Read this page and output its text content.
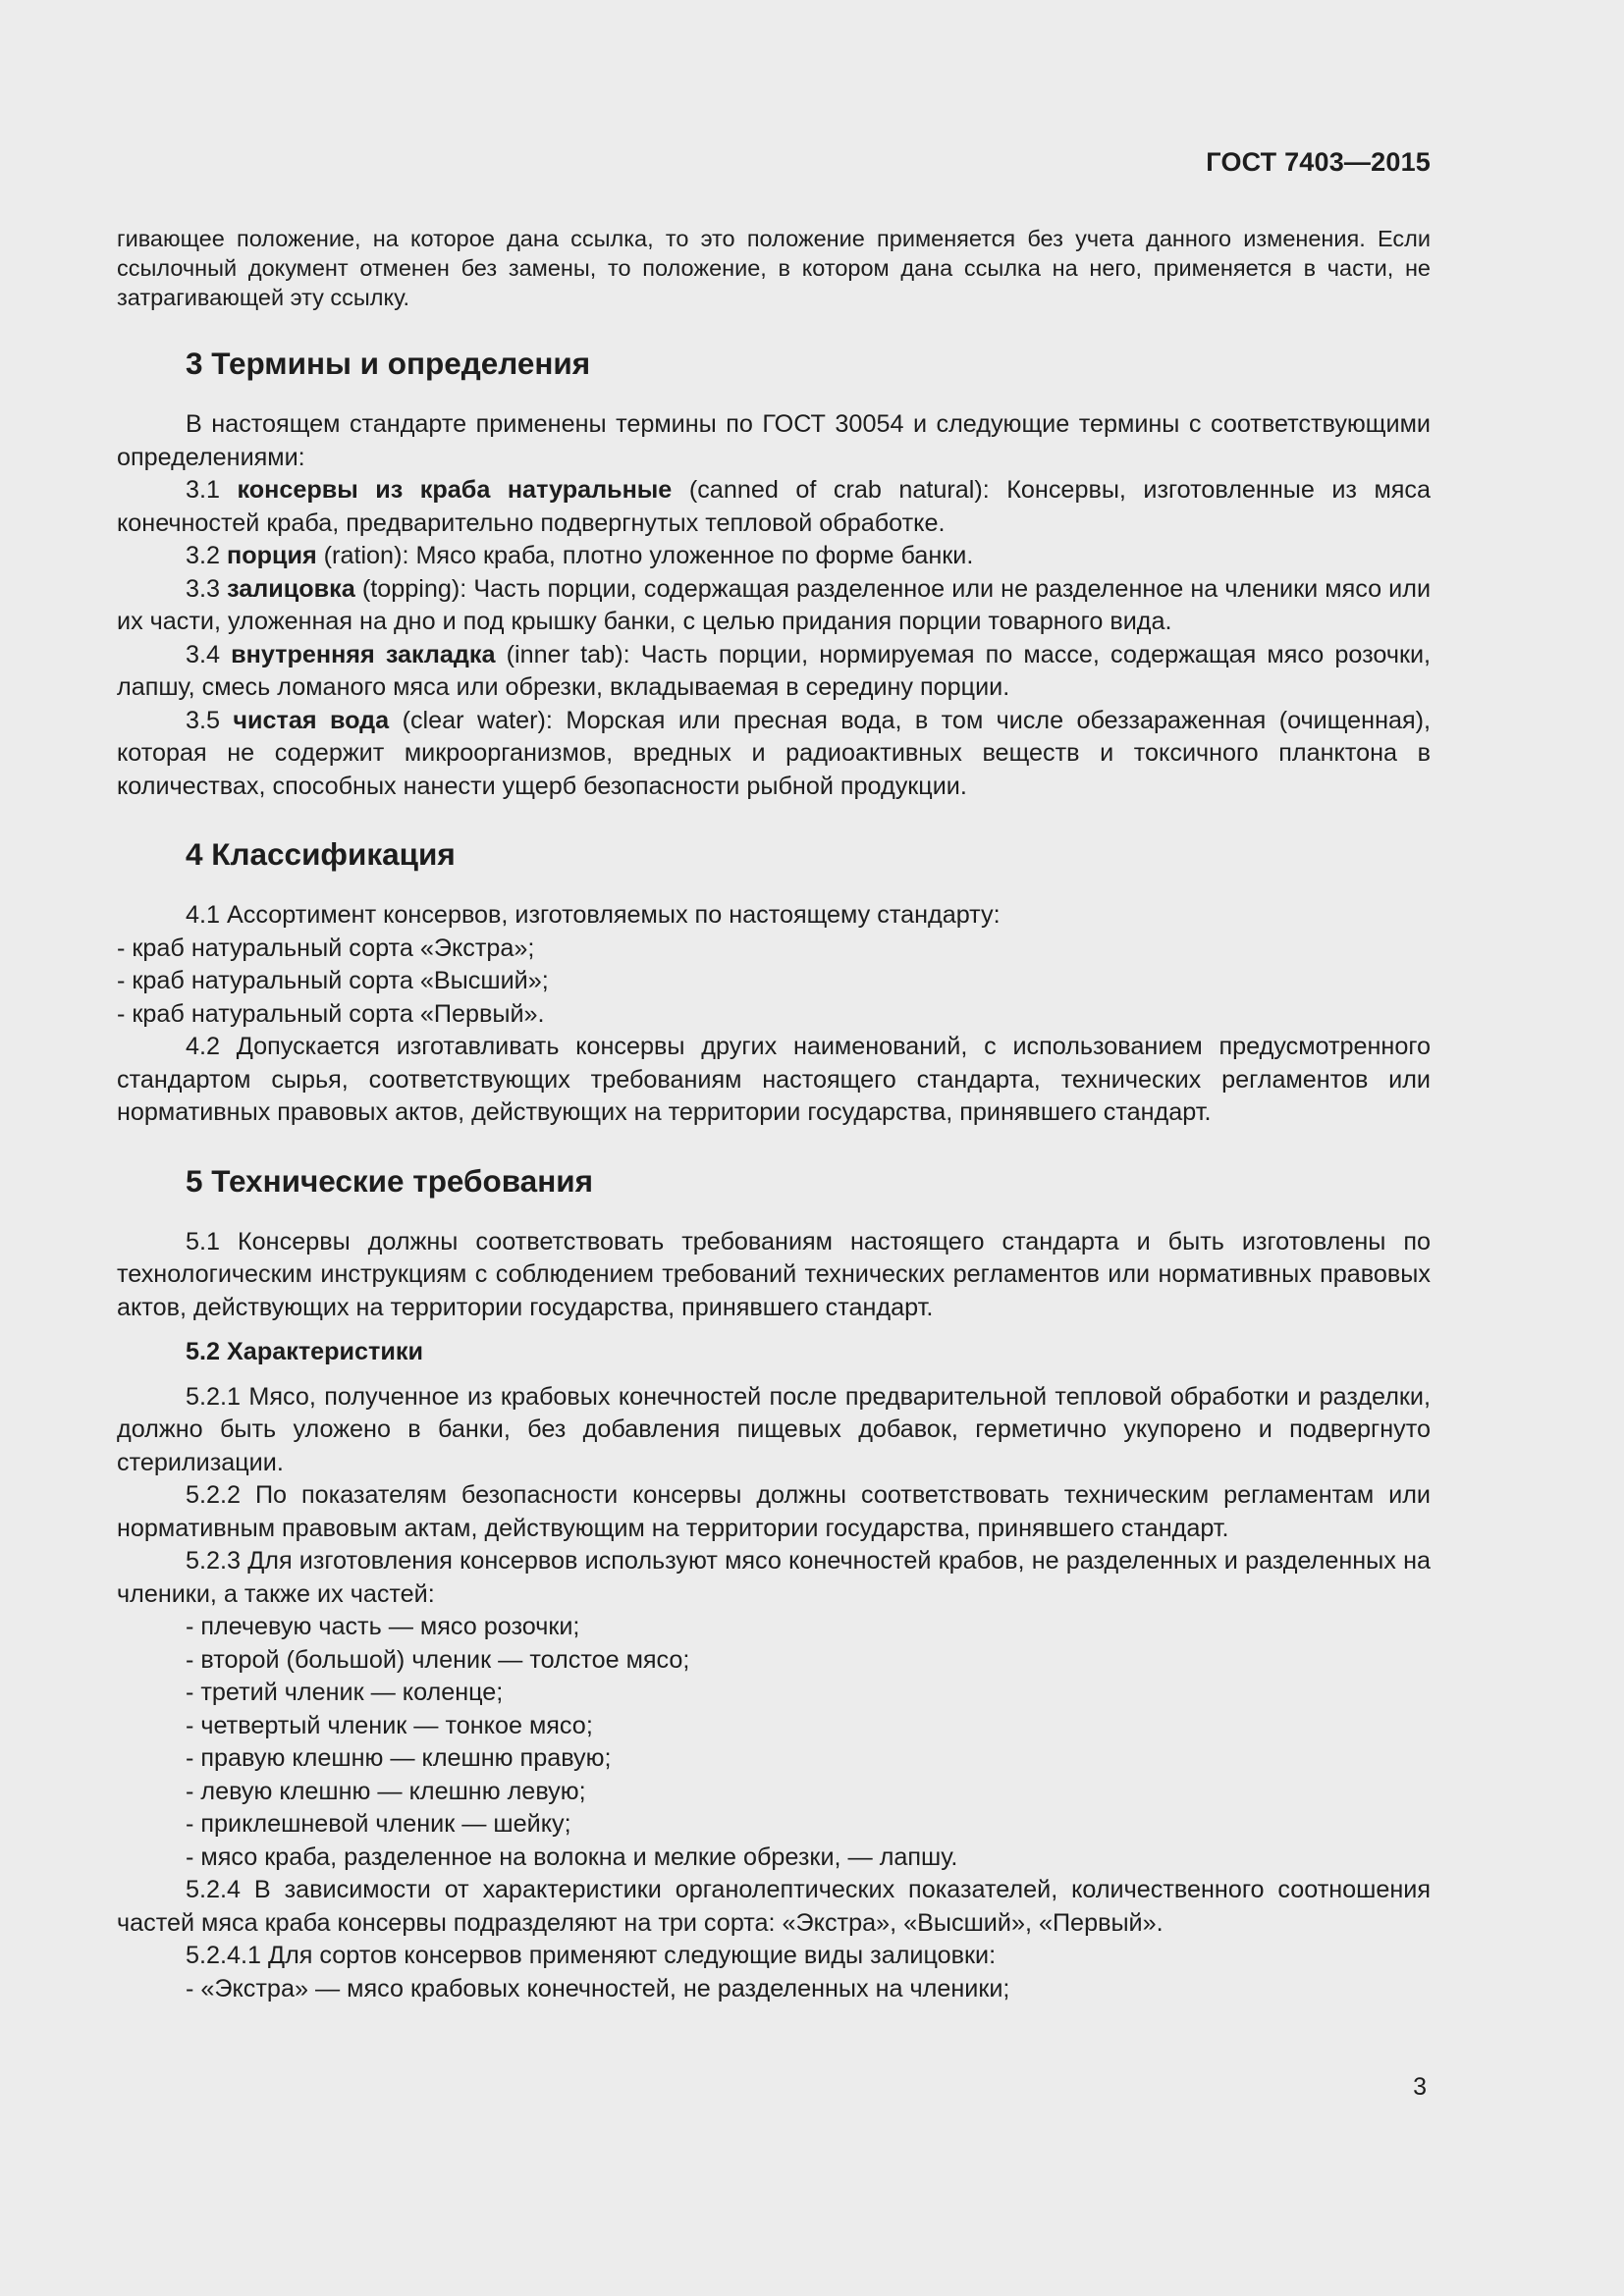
ГОСТ 7403—2015

гивающее положение, на которое дана ссылка, то это положение применяется без учета данного изменения. Если ссылочный документ отменен без замены, то положение, в котором дана ссылка на него, применяется в части, не затрагивающей эту ссылку.

3 Термины и определения

В настоящем стандарте применены термины по ГОСТ 30054 и следующие термины с соответствующими определениями:

3.1 консервы из краба натуральные (canned of crab natural): Консервы, изготовленные из мяса конечностей краба, предварительно подвергнутых тепловой обработке.

3.2 порция (ration): Мясо краба, плотно уложенное по форме банки.

3.3 залицовка (topping): Часть порции, содержащая разделенное или не разделенное на членики мясо или их части, уложенная на дно и под крышку банки, с целью придания порции товарного вида.

3.4 внутренняя закладка (inner tab): Часть порции, нормируемая по массе, содержащая мясо розочки, лапшу, смесь ломаного мяса или обрезки, вкладываемая в середину порции.

3.5 чистая вода (clear water): Морская или пресная вода, в том числе обеззараженная (очищенная), которая не содержит микроорганизмов, вредных и радиоактивных веществ и токсичного планктона в количествах, способных нанести ущерб безопасности рыбной продукции.

4 Классификация

4.1 Ассортимент консервов, изготовляемых по настоящему стандарту:

- краб натуральный сорта «Экстра»;

- краб натуральный сорта «Высший»;

- краб натуральный сорта «Первый».

4.2 Допускается изготавливать консервы других наименований, с использованием предусмотренного стандартом сырья, соответствующих требованиям настоящего стандарта, технических регламентов или нормативных правовых актов, действующих на территории государства, принявшего стандарт.

5 Технические требования

5.1 Консервы должны соответствовать требованиям настоящего стандарта и быть изготовлены по технологическим инструкциям с соблюдением требований технических регламентов или нормативных правовых актов, действующих на территории государства, принявшего стандарт.

5.2 Характеристики

5.2.1 Мясо, полученное из крабовых конечностей после предварительной тепловой обработки и разделки, должно быть уложено в банки, без добавления пищевых добавок, герметично укупорено и подвергнуто стерилизации.

5.2.2 По показателям безопасности консервы должны соответствовать техническим регламентам или нормативным правовым актам, действующим на территории государства, принявшего стандарт.

5.2.3 Для изготовления консервов используют мясо конечностей крабов, не разделенных и разделенных на членики, а также их частей:

- плечевую часть — мясо розочки;

- второй (большой) членик — толстое мясо;

- третий членик — коленце;

- четвертый членик — тонкое мясо;

- правую клешню — клешню правую;

- левую клешню — клешню левую;

- приклешневой членик — шейку;

- мясо краба, разделенное на волокна и мелкие обрезки, — лапшу.

5.2.4 В зависимости от характеристики органолептических показателей, количественного соотношения частей мяса краба консервы подразделяют на три сорта: «Экстра», «Высший», «Первый».

5.2.4.1 Для сортов консервов применяют следующие виды залицовки:

- «Экстра» — мясо крабовых конечностей, не разделенных на членики;

3
